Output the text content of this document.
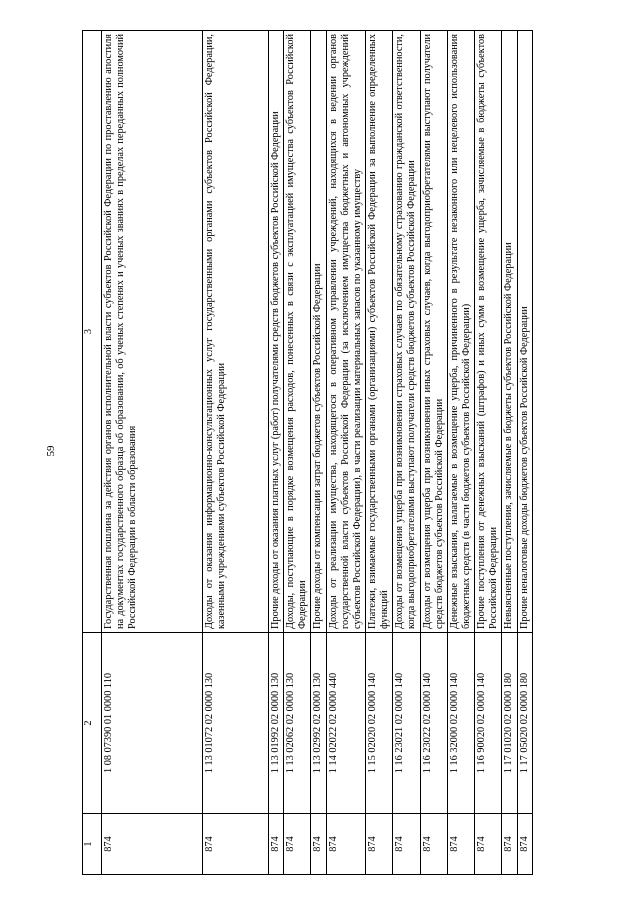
59
1	2	3
874	1 08 07390 01 0000 110	Государственная пошлина за действия органов исполнительной власти субъектов Российской Федерации по проставлению апостиля на документах государственного образца об образовании, об ученых степенях и ученых званиях в пределах переданных полномочий Российской Федерации в области образования
874	1 13 01072 02 0000 130	Доходы от оказания информационно-консультационных услуг государственными органами субъектов Российской Федерации, казенными учреждениями субъектов Российской Федерации
874	1 13 01992 02 0000 130	Прочие доходы от оказания платных услуг (работ) получателями средств бюджетов субъектов Российской Федерации
874	1 13 02062 02 0000 130	Доходы, поступающие в порядке возмещения расходов, понесенных в связи с эксплуатацией имущества субъектов Российской Федерации
874	1 13 02992 02 0000 130	Прочие доходы от компенсации затрат бюджетов субъектов Российской Федерации
874	1 14 02022 02 0000 440	Доходы от реализации имущества, находящегося в оперативном управлении учреждений, находящихся в ведении органов государственной власти субъектов Российской Федерации (за исключением имущества бюджетных и автономных учреждений субъектов Российской Федерации), в части реализации материальных запасов по указанному имуществу
874	1 15 02020 02 0000 140	Платежи, взимаемые государственными органами (организациями) субъектов Российской Федерации за выполнение определенных функций
874	1 16 23021 02 0000 140	Доходы от возмещения ущерба при возникновении страховых случаев по обязательному страхованию гражданской ответственности, когда выгодоприобретателями выступают получатели средств бюджетов субъектов Российской Федерации
874	1 16 23022 02 0000 140	Доходы от возмещения ущерба при возникновении иных страховых случаев, когда выгодоприобретателями выступают получатели средств бюджетов субъектов Российской Федерации
874	1 16 32000 02 0000 140	Денежные взыскания, налагаемые в возмещение ущерба, причиненного в результате незаконного или нецелевого использования бюджетных средств (в части бюджетов субъектов Российской Федерации)
874	1 16 90020 02 0000 140	Прочие поступления от денежных взысканий (штрафов) и иных сумм в возмещение ущерба, зачисляемые в бюджеты субъектов Российской Федерации
874	1 17 01020 02 0000 180	Невыясненные поступления, зачисляемые в бюджеты субъектов Российской Федерации
874	1 17 05020 02 0000 180	Прочие неналоговые доходы бюджетов субъектов Российской Федерации
